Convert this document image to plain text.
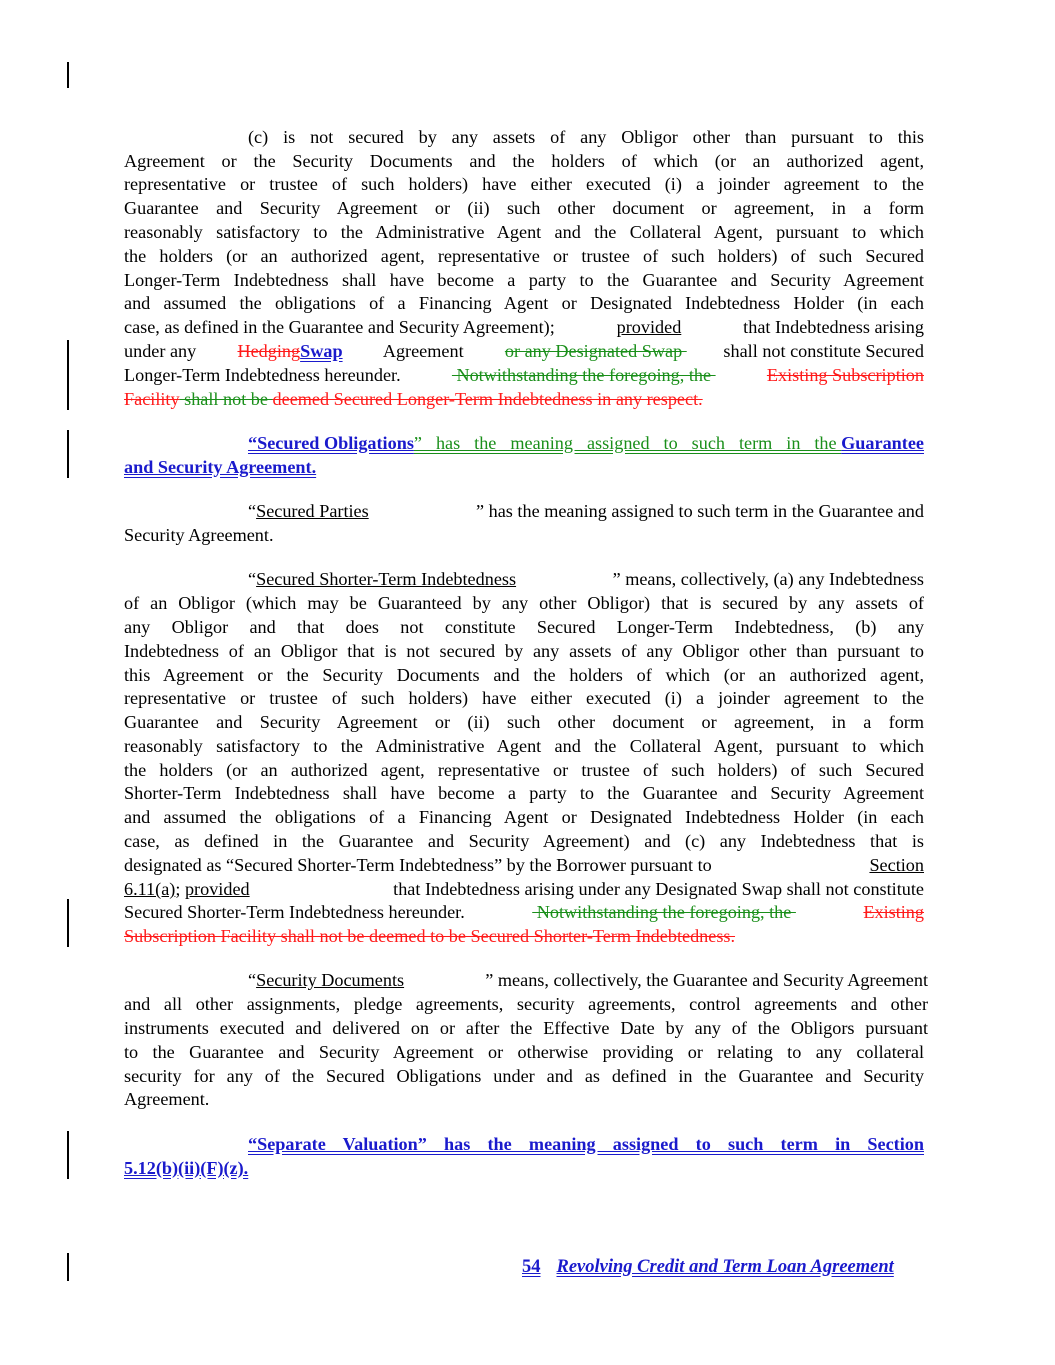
(c) is not secured by any assets of any Obligor other than pursuant to this
Agreement or the Security Documents and the holders of which (or an authorized agent,
representative or trustee of such holders) have either executed (i) a joinder agreement to the
Guarantee and Security Agreement or (ii) such other document or agreement, in a form
reasonably satisfactory to the Administrative Agent and the Collateral Agent, pursuant to which
the holders (or an authorized agent, representative or trustee of such holders) of such Secured
Longer-Term Indebtedness shall have become a party to the Guarantee and Security Agreement
and assumed the obligations of a Financing Agent or Designated Indebtedness Holder (in each
case, as defined in the Guarantee and Security Agreement);	provided	that Indebtedness arising
under any HedgingSwap Agreement or any Designated Swap shall not constitute Secured
Longer-Term Indebtedness hereunder.	Notwithstanding the foregoing, the	Existing Subscription
Facility shall not be deemed Secured Longer-Term Indebtedness in any respect.
“Secured Obligations ” has the meaning assigned to such term in the Guarantee
and Security Agreement.
“Secured Parties	” has the meaning assigned to such term in the Guarantee and
Security Agreement.
“Secured Shorter-Term Indebtedness	” means, collectively, (a) any Indebtedness
of an Obligor (which may be Guaranteed by any other Obligor) that is secured by any assets of
any Obligor and that does not constitute Secured Longer-Term Indebtedness, (b) any
Indebtedness of an Obligor that is not secured by any assets of any Obligor other than pursuant to
this Agreement or the Security Documents and the holders of which (or an authorized agent,
representative or trustee of such holders) have either executed (i) a joinder agreement to the
Guarantee and Security Agreement or (ii) such other document or agreement, in a form
reasonably satisfactory to the Administrative Agent and the Collateral Agent, pursuant to which
the holders (or an authorized agent, representative or trustee of such holders) of such Secured
Shorter-Term Indebtedness shall have become a party to the Guarantee and Security Agreement
and assumed the obligations of a Financing Agent or Designated Indebtedness Holder (in each
case, as defined in the Guarantee and Security Agreement) and (c) any Indebtedness that is
designated as “Secured Shorter-Term Indebtedness” by the Borrower pursuant to	Section
6.11(a); provided	that Indebtedness arising under any Designated Swap shall not constitute
Secured Shorter-Term Indebtedness hereunder.	Notwithstanding the foregoing, the	Existing
Subscription Facility shall not be deemed to be Secured Shorter-Term Indebtedness.
“Security Documents	” means, collectively, the Guarantee and Security Agreement
and all other assignments, pledge agreements, security agreements, control agreements and other
instruments executed and delivered on or after the Effective Date by any of the Obligors pursuant
to the Guarantee and Security Agreement or otherwise providing or relating to any collateral
security for any of the Secured Obligations under and as defined in the Guarantee and Security
Agreement.
“Separate Valuation” has the meaning assigned to such term in Section
5.12(b)(ii)(F)(z).
54 Revolving Credit and Term Loan Agreement
